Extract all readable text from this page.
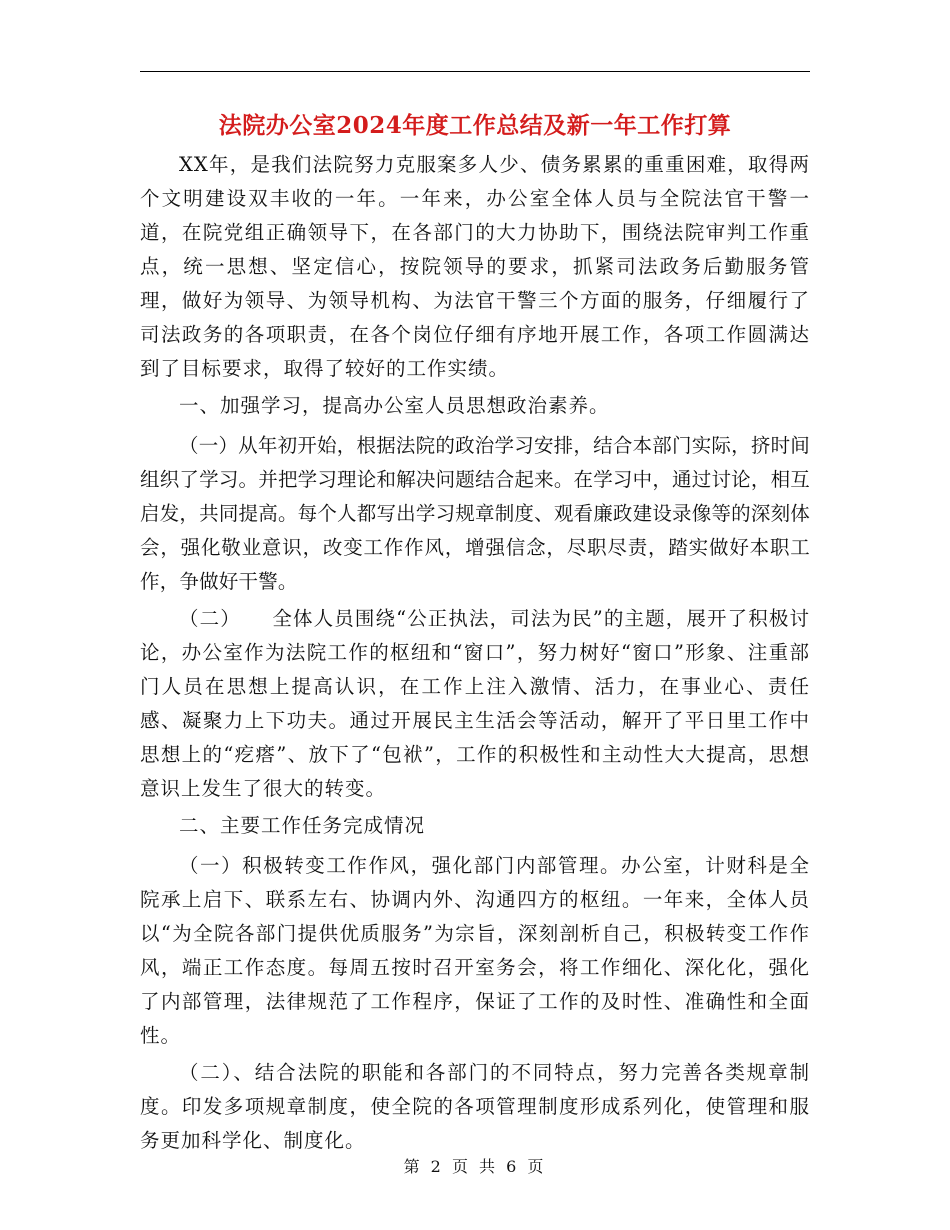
法院办公室2024年度工作总结及新一年工作打算

XX年，是我们法院努力克服案多人少、债务累累的重重困难，取得两个文明建设双丰收的一年。一年来，办公室全体人员与全院法官干警一道，在院党组正确领导下，在各部门的大力协助下，围绕法院审判工作重点，统一思想、坚定信心，按院领导的要求，抓紧司法政务后勤服务管理，做好为领导、为领导机构、为法官干警三个方面的服务，仔细履行了司法政务的各项职责，在各个岗位仔细有序地开展工作，各项工作圆满达到了目标要求，取得了较好的工作实绩。

一、加强学习，提高办公室人员思想政治素养。

（一）从年初开始，根据法院的政治学习安排，结合本部门实际，挤时间组织了学习。并把学习理论和解决问题结合起来。在学习中，通过讨论，相互启发，共同提高。每个人都写出学习规章制度、观看廉政建设录像等的深刻体会，强化敬业意识，改变工作作风，增强信念，尽职尽责，踏实做好本职工作，争做好干警。

（二）　　全体人员围绕“公正执法，司法为民”的主题，展开了积极讨论，办公室作为法院工作的枢纽和“窗口”，努力树好“窗口”形象、注重部门人员在思想上提高认识，在工作上注入激情、活力，在事业心、责任感、凝聚力上下功夫。通过开展民主生活会等活动，解开了平日里工作中思想上的“疙瘩”、放下了“包袱”，工作的积极性和主动性大大提高，思想意识上发生了很大的转变。

二、主要工作任务完成情况

（一）积极转变工作作风，强化部门内部管理。办公室，计财科是全院承上启下、联系左右、协调内外、沟通四方的枢纽。一年来，全体人员以“为全院各部门提供优质服务”为宗旨，深刻剖析自己，积极转变工作作风，端正工作态度。每周五按时召开室务会，将工作细化、深化化，强化了内部管理，法律规范了工作程序，保证了工作的及时性、准确性和全面性。

（二）、结合法院的职能和各部门的不同特点，努力完善各类规章制度。印发多项规章制度，使全院的各项管理制度形成系列化，使管理和服务更加科学化、制度化。

第 2 页 共 6 页
